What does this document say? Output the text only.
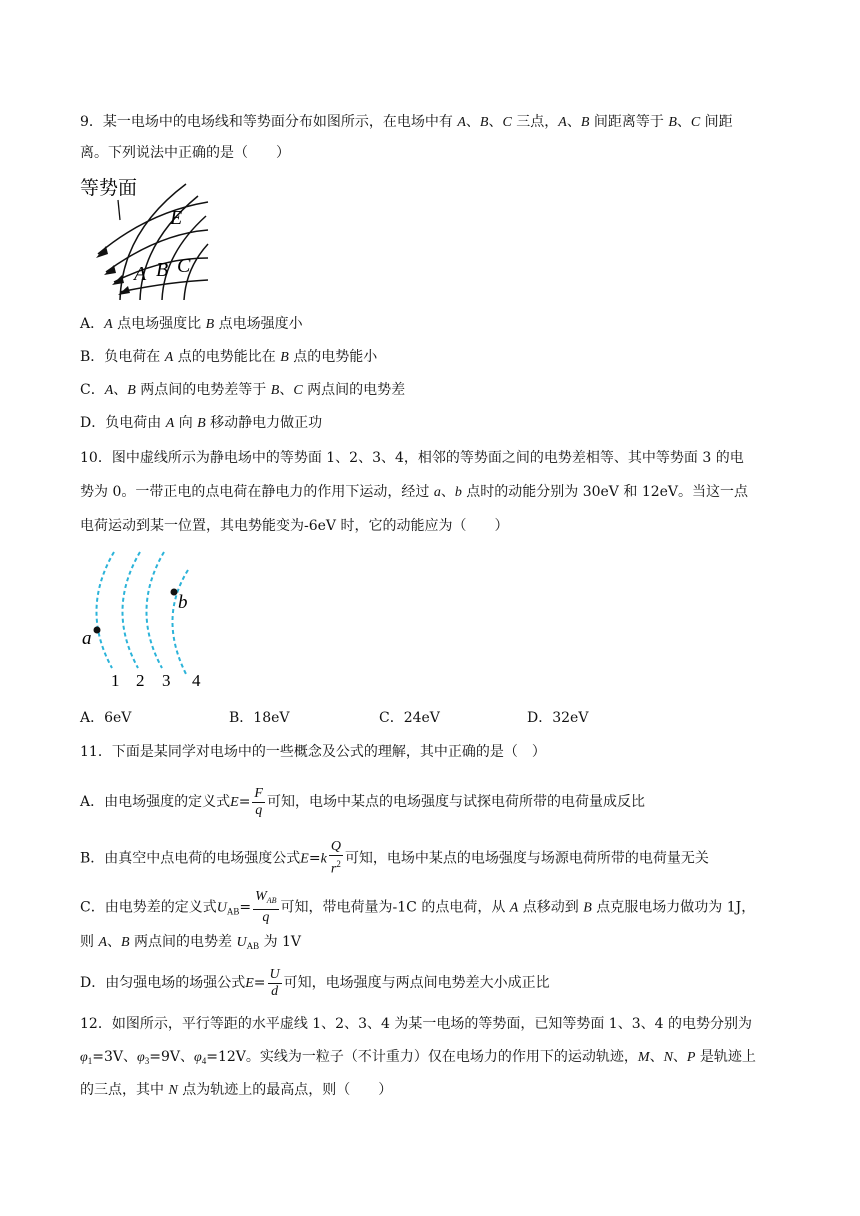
9．某一电场中的电场线和等势面分布如图所示，在电场中有 A、B、C 三点，A、B 间距离等于 B、C 间距
离。下列说法中正确的是（　　）
等势面
E
A B C
A．A 点电场强度比 B 点电场强度小
B．负电荷在 A 点的电势能比在 B 点的电势能小
C．A、B 两点间的电势差等于 B、C 两点间的电势差
D．负电荷由 A 向 B 移动静电力做正功
10．图中虚线所示为静电场中的等势面 1、2、3、4，相邻的等势面之间的电势差相等、其中等势面 3 的电
势为 0。一带正电的点电荷在静电力的作用下运动，经过 a、b 点时的动能分别为 30eV 和 12eV。当这一点
电荷运动到某一位置，其电势能变为-6eV 时，它的动能应为（　　）
a
b
1 2 3 4
A．6eV	B．18eV	C．24eV	D．32eV
11．下面是某同学对电场中的一些概念及公式的理解，其中正确的是（　）
A．由电场强度的定义式$E= \frac{F}{q}$ 可知，电场中某点的电场强度与试探电荷所带的电荷量成反比
B．由真空中点电荷的电场强度公式$E=k \frac{Q}{r^2}$ 可知，电场中某点的电场强度与场源电荷所带的电荷量无关
C．由电势差的定义式$U_{AB}= \frac{W_{AB}}{q}$ 可知，带电荷量为-1C 的点电荷，从 A 点移动到 B 点克服电场力做功为 1J，
则 A、B 两点间的电势差 $U_{AB}$ 为 1V
D．由匀强电场的场强公式$E= \frac{U}{d}$ 可知，电场强度与两点间电势差大小成正比
12．如图所示，平行等距的水平虚线 1、2、3、4 为某一电场的等势面，已知等势面 1、3、4 的电势分别为
$\varphi_1=3V$、$\varphi_3=9V$、$\varphi_4=12V$。实线为一粒子（不计重力）仅在电场力的作用下的运动轨迹，M、N、P 是轨迹上
的三点，其中 N 点为轨迹上的最高点，则（　　）
